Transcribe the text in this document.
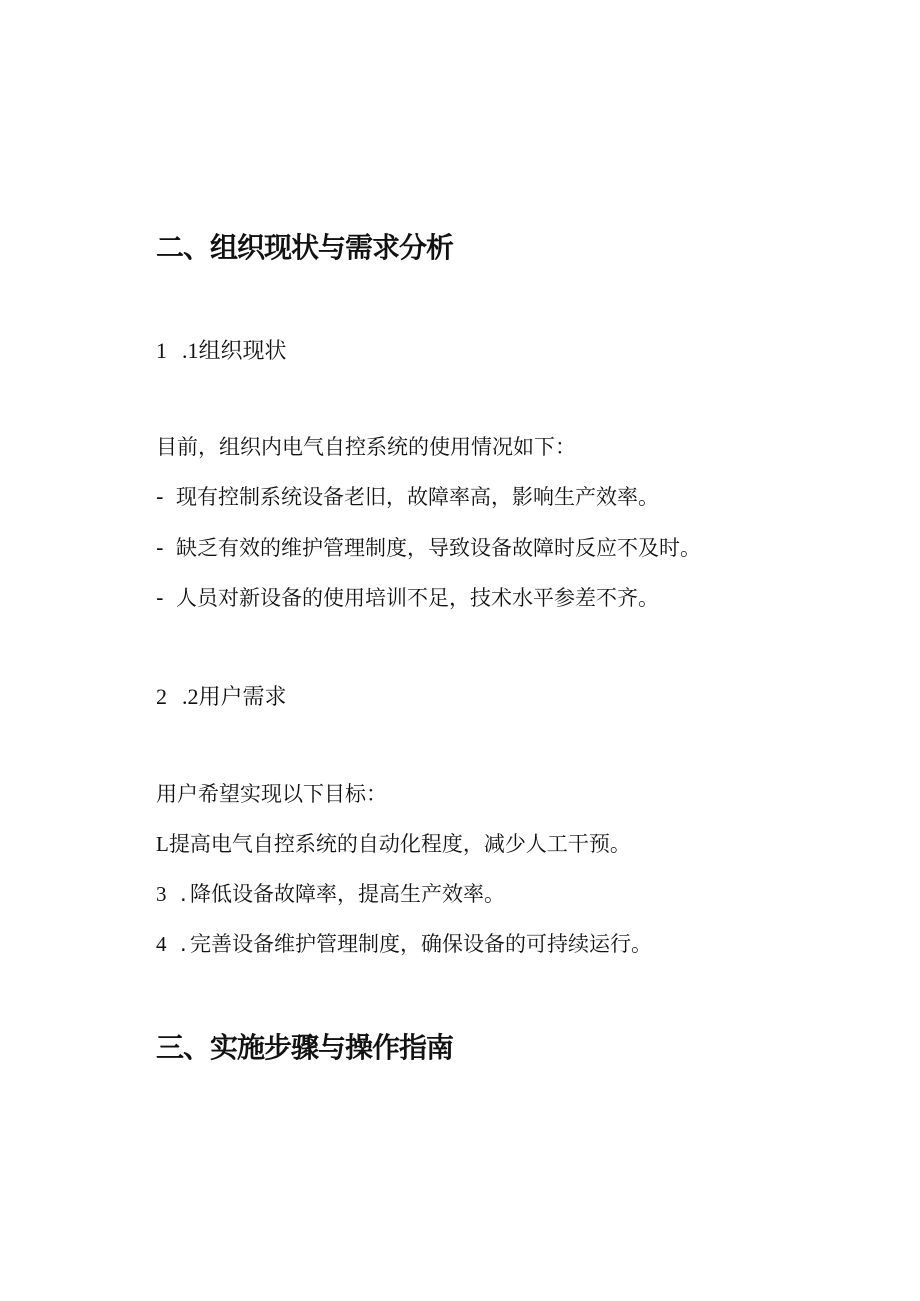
二、组织现状与需求分析
1 .1组织现状
目前，组织内电气自控系统的使用情况如下：
- 现有控制系统设备老旧，故障率高，影响生产效率。
- 缺乏有效的维护管理制度，导致设备故障时反应不及时。
- 人员对新设备的使用培训不足，技术水平参差不齐。
2 .2用户需求
用户希望实现以下目标：
L提高电气自控系统的自动化程度，减少人工干预。
3 . 降低设备故障率，提高生产效率。
4 . 完善设备维护管理制度，确保设备的可持续运行。
三、实施步骤与操作指南
